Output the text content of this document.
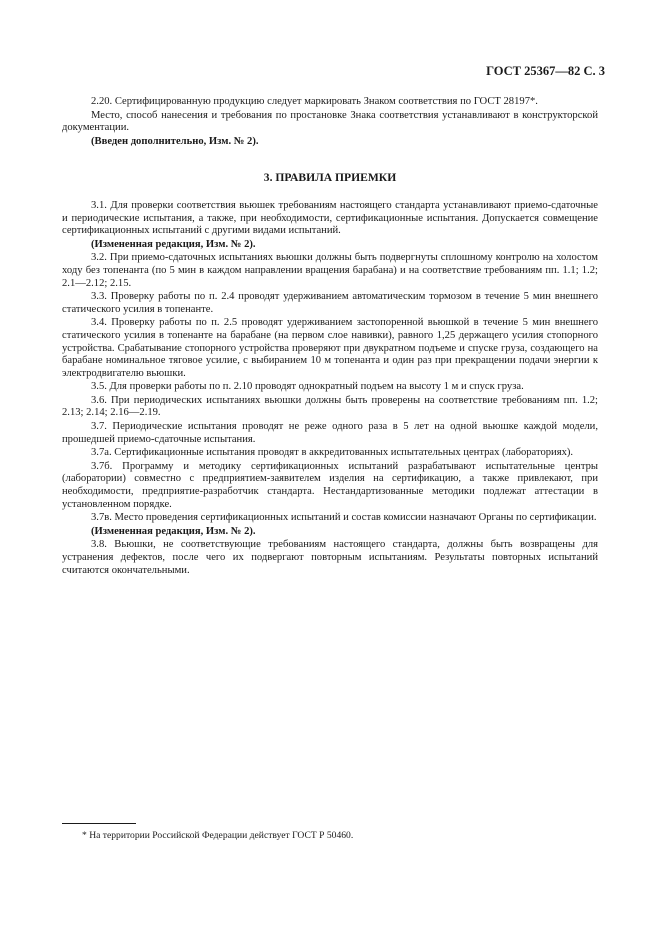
ГОСТ 25367—82 С. 3

2.20. Сертифицированную продукцию следует маркировать Знаком соответствия по ГОСТ 28197*.

Место, способ нанесения и требования по простановке Знака соответствия устанавливают в конструкторской документации.

(Введен дополнительно, Изм. № 2).

3. ПРАВИЛА ПРИЕМКИ

3.1. Для проверки соответствия вьюшек требованиям настоящего стандарта устанавливают приемо-сдаточные и периодические испытания, а также, при необходимости, сертификационные испытания. Допускается совмещение сертификационных испытаний с другими видами испытаний.

(Измененная редакция, Изм. № 2).

3.2. При приемо-сдаточных испытаниях вьюшки должны быть подвергнуты сплошному контролю на холостом ходу без топенанта (по 5 мин в каждом направлении вращения барабана) и на соответствие требованиям пп. 1.1; 1.2; 2.1—2.12; 2.15.

3.3. Проверку работы по п. 2.4 проводят удерживанием автоматическим тормозом в течение 5 мин внешнего статического усилия в топенанте.

3.4. Проверку работы по п. 2.5 проводят удерживанием застопоренной вьюшкой в течение 5 мин внешнего статического усилия в топенанте на барабане (на первом слое навивки), равного 1,25 держащего усилия стопорного устройства. Срабатывание стопорного устройства проверяют при двукратном подъеме и спуске груза, создающего на барабане номинальное тяговое усилие, с выбиранием 10 м топенанта и один раз при прекращении подачи энергии к электродвигателю вьюшки.

3.5. Для проверки работы по п. 2.10 проводят однократный подъем на высоту 1 м и спуск груза.

3.6. При периодических испытаниях вьюшки должны быть проверены на соответствие требованиям пп. 1.2; 2.13; 2.14; 2.16—2.19.

3.7. Периодические испытания проводят не реже одного раза в 5 лет на одной вьюшке каждой модели, прошедшей приемо-сдаточные испытания.

3.7а. Сертификационные испытания проводят в аккредитованных испытательных центрах (лабораториях).

3.7б. Программу и методику сертификационных испытаний разрабатывают испытательные центры (лаборатории) совместно с предприятием-заявителем изделия на сертификацию, а также привлекают, при необходимости, предприятие-разработчик стандарта. Нестандартизованные методики подлежат аттестации в установленном порядке.

3.7в. Место проведения сертификационных испытаний и состав комиссии назначают Органы по сертификации.

(Измененная редакция, Изм. № 2).

3.8. Вьюшки, не соответствующие требованиям настоящего стандарта, должны быть возвращены для устранения дефектов, после чего их подвергают повторным испытаниям. Результаты повторных испытаний считаются окончательными.

* На территории Российской Федерации действует ГОСТ Р 50460.
